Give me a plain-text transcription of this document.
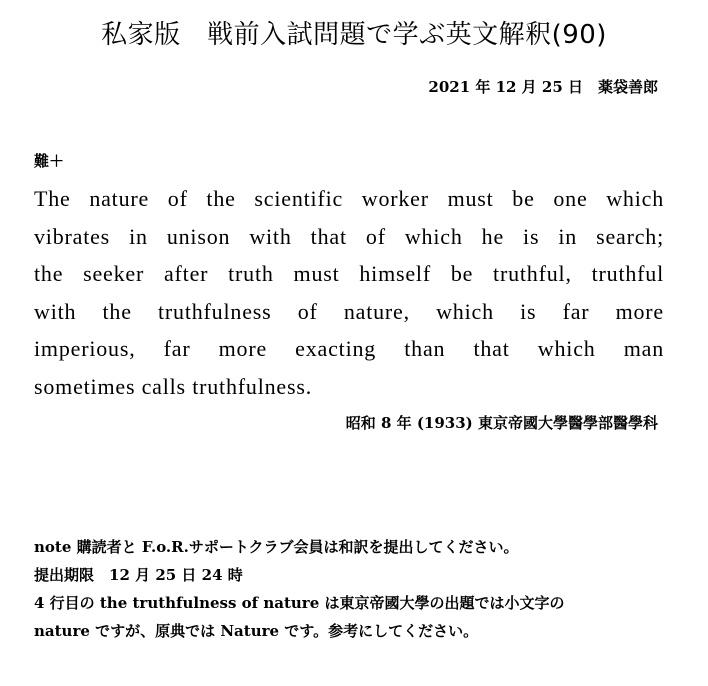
私家版　戦前入試問題で学ぶ英文解釈(90)
2021 年 12 月 25 日　薬袋善郎
難＋
The nature of the scientific worker must be one which
vibrates in unison with that of which he is in search;
the seeker after truth must himself be truthful, truthful
with the truthfulness of nature, which is far more
imperious, far more exacting than that which man
sometimes calls truthfulness.
昭和 8 年 (1933) 東京帝國大學醫學部醫學科
note 購読者と F.o.R.サポートクラブ会員は和訳を提出してください。
提出期限　12 月 25 日 24 時
4 行目の the truthfulness of nature は東京帝國大學の出題では小文字の
nature ですが、原典では Nature です。参考にしてください。
